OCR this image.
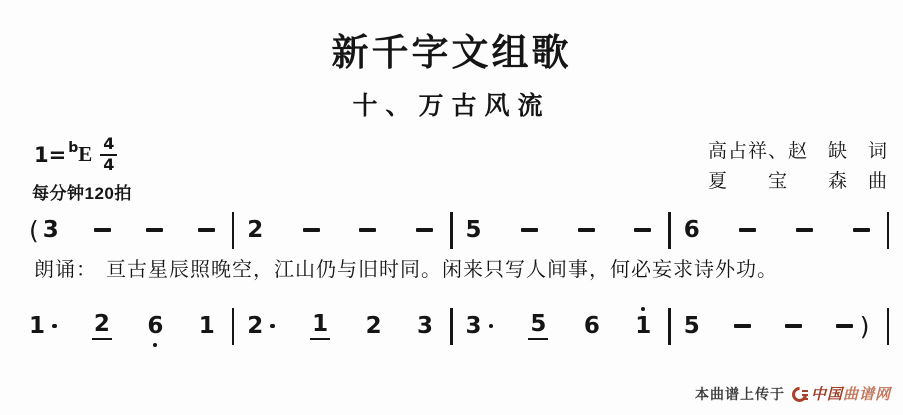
新千字文组歌
十、万古风流
1=$^b$ E $\frac{4}{4}$
每分钟120拍
高占祥、赵　缺　词
夏　　宝　　森　曲
( 3	2	5	6
朗诵： 亘古星辰照晚空，江山仍与旧时同。闲来只写人间事，何必妄求诗外功。
1 2 6 1 2 1 2 3 3 5 6 1 5	)
本曲谱上传于 中国 曲谱网
